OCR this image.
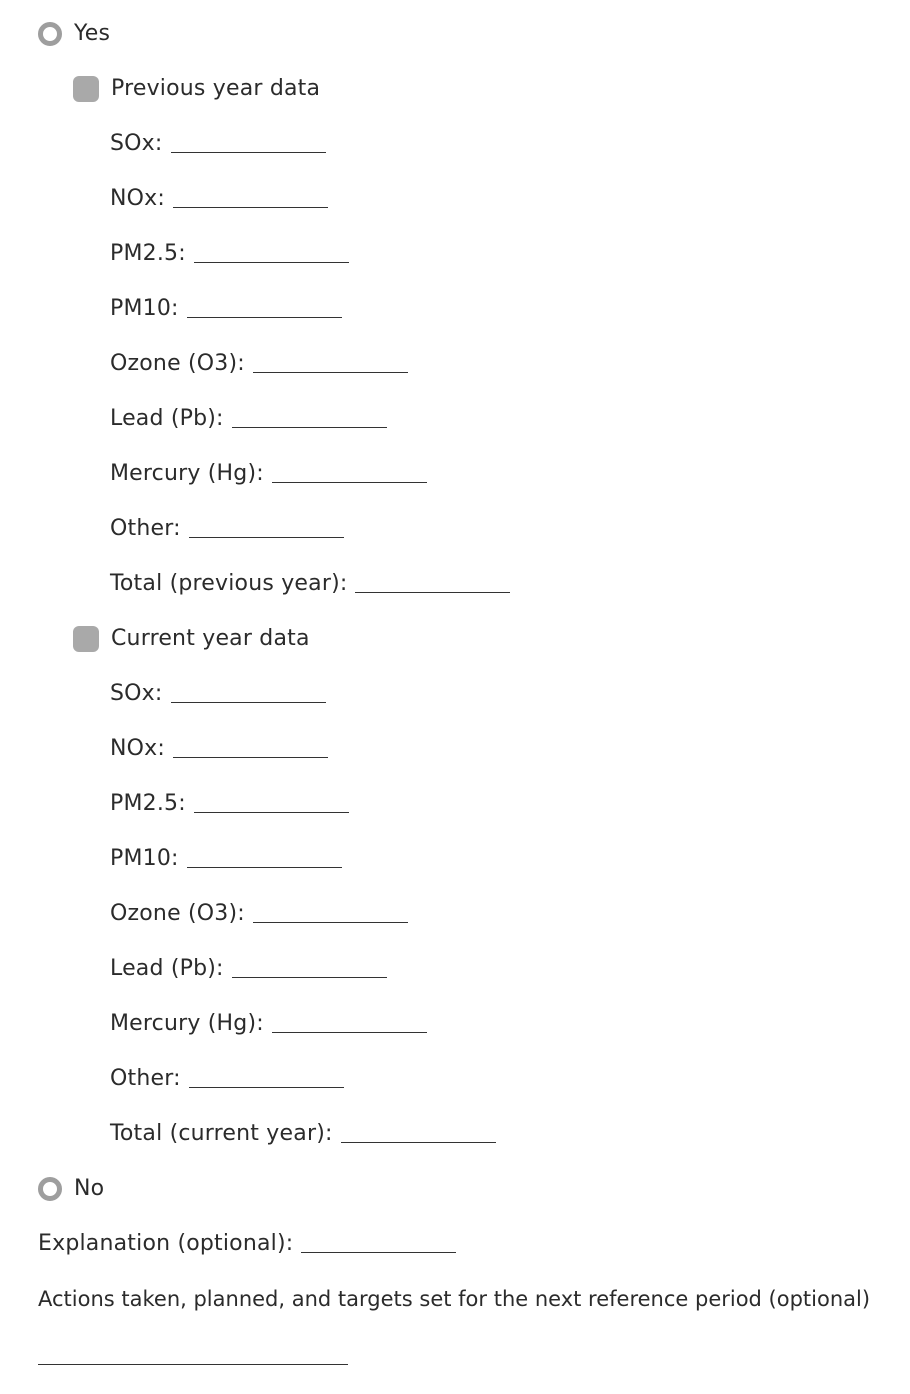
Yes
Previous year data
SOx:
NOx:
PM2.5:
PM10:
Ozone (O3):
Lead (Pb):
Mercury (Hg):
Other:
Total (previous year):
Current year data
SOx:
NOx:
PM2.5:
PM10:
Ozone (O3):
Lead (Pb):
Mercury (Hg):
Other:
Total (current year):
No
Explanation (optional):
Actions taken, planned, and targets set for the next reference period (optional)
